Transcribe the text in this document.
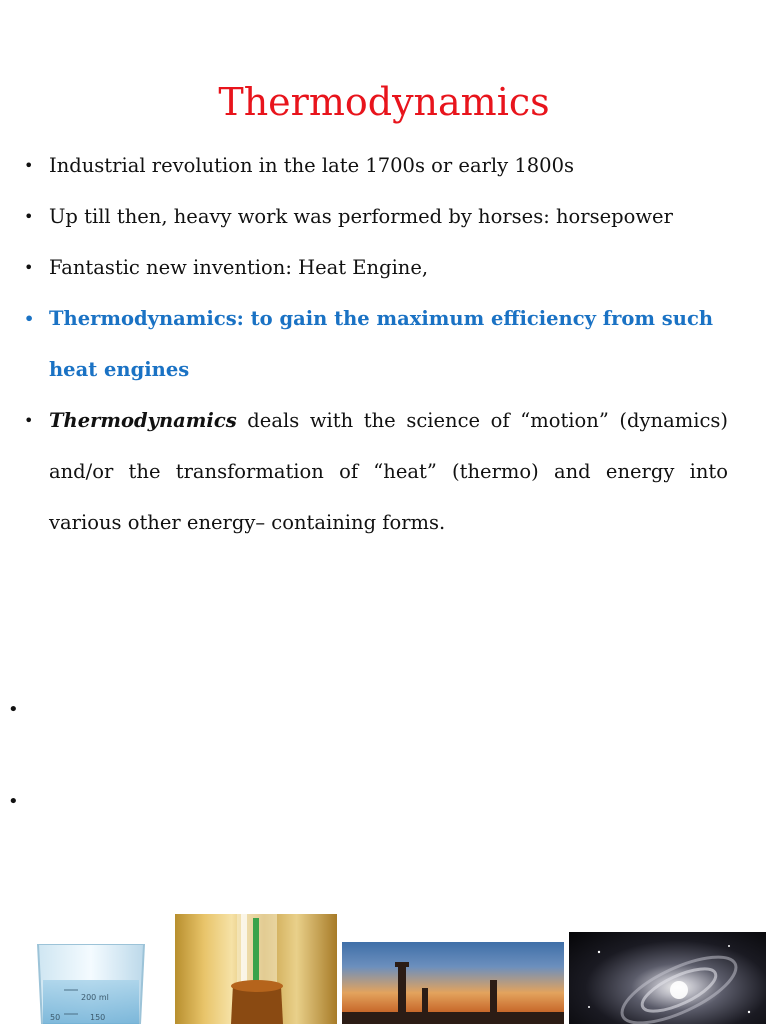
Thermodynamics
• Industrial revolution in the late 1700s or early 1800s
• Up till then, heavy work was performed by horses: horsepower
• Fantastic new invention: Heat Engine,
• Thermodynamics: to gain the maximum efficiency from such heat engines
• Thermodynamics deals with the science of “motion” (dynamics) and/or the transformation of “heat” (thermo) and energy into various other energy– containing forms.
•
•
200 ml
150
50
